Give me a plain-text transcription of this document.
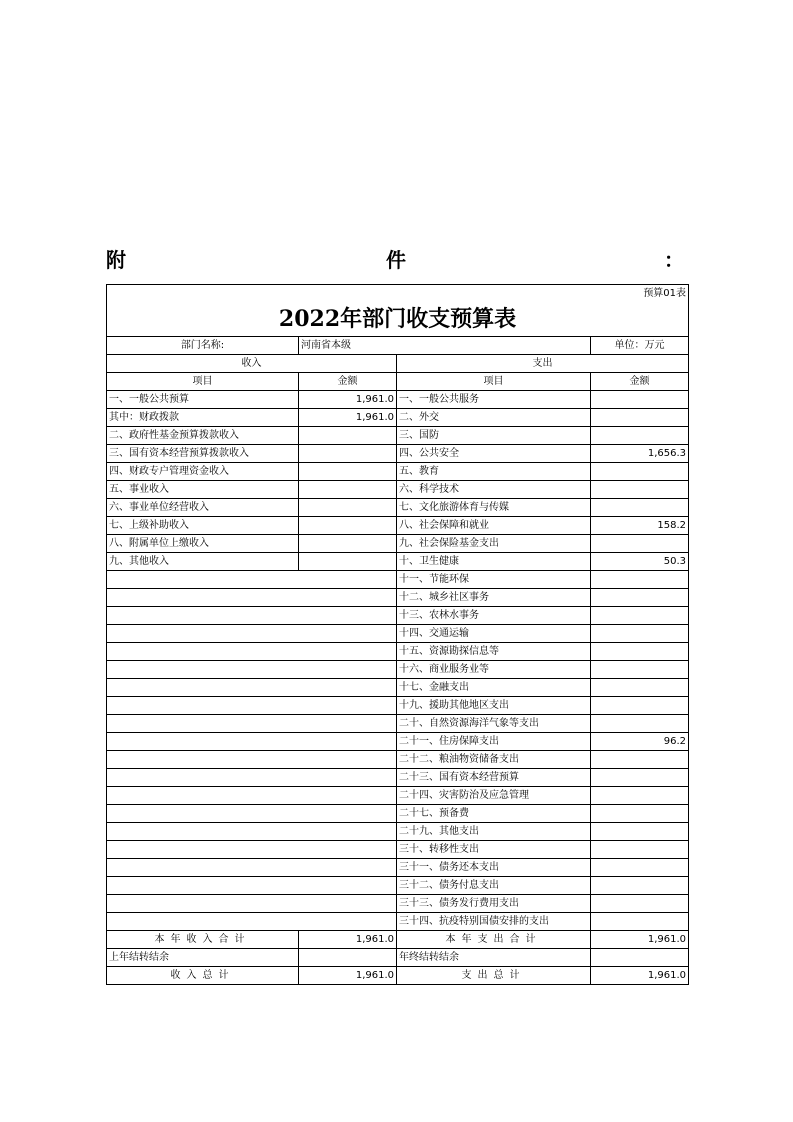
附	件	：
预算01表			
2022年部门收支预算表			
部门名称:	河南省本级		单位：万元
收入		支出	
项目	金额	项目	金额
一、一般公共预算	1,961.0	一、一般公共服务	
其中：财政拨款	1,961.0	二、外交	
二、政府性基金预算拨款收入		三、国防	
三、国有资本经营预算拨款收入		四、公共安全	1,656.3
四、财政专户管理资金收入		五、教育	
五、事业收入		六、科学技术	
六、事业单位经营收入		七、文化旅游体育与传媒	
七、上级补助收入		八、社会保障和就业	158.2
八、附属单位上缴收入		九、社会保险基金支出	
九、其他收入		十、卫生健康	50.3
		十一、节能环保	
		十二、城乡社区事务	
		十三、农林水事务	
		十四、交通运输	
		十五、资源勘探信息等	
		十六、商业服务业等	
		十七、金融支出	
		十九、援助其他地区支出	
		二十、自然资源海洋气象等支出	
		二十一、住房保障支出	96.2
		二十二、粮油物资储备支出	
		二十三、国有资本经营预算	
		二十四、灾害防治及应急管理	
		二十七、预备费	
		二十九、其他支出	
		三十、转移性支出	
		三十一、债务还本支出	
		三十二、债务付息支出	
		三十三、债务发行费用支出	
		三十四、抗疫特别国债安排的支出	
本年收入合计	1,961.0	本年支出合计	1,961.0
上年结转结余		年终结转结余	
收入总计	1,961.0	支出总计	1,961.0
